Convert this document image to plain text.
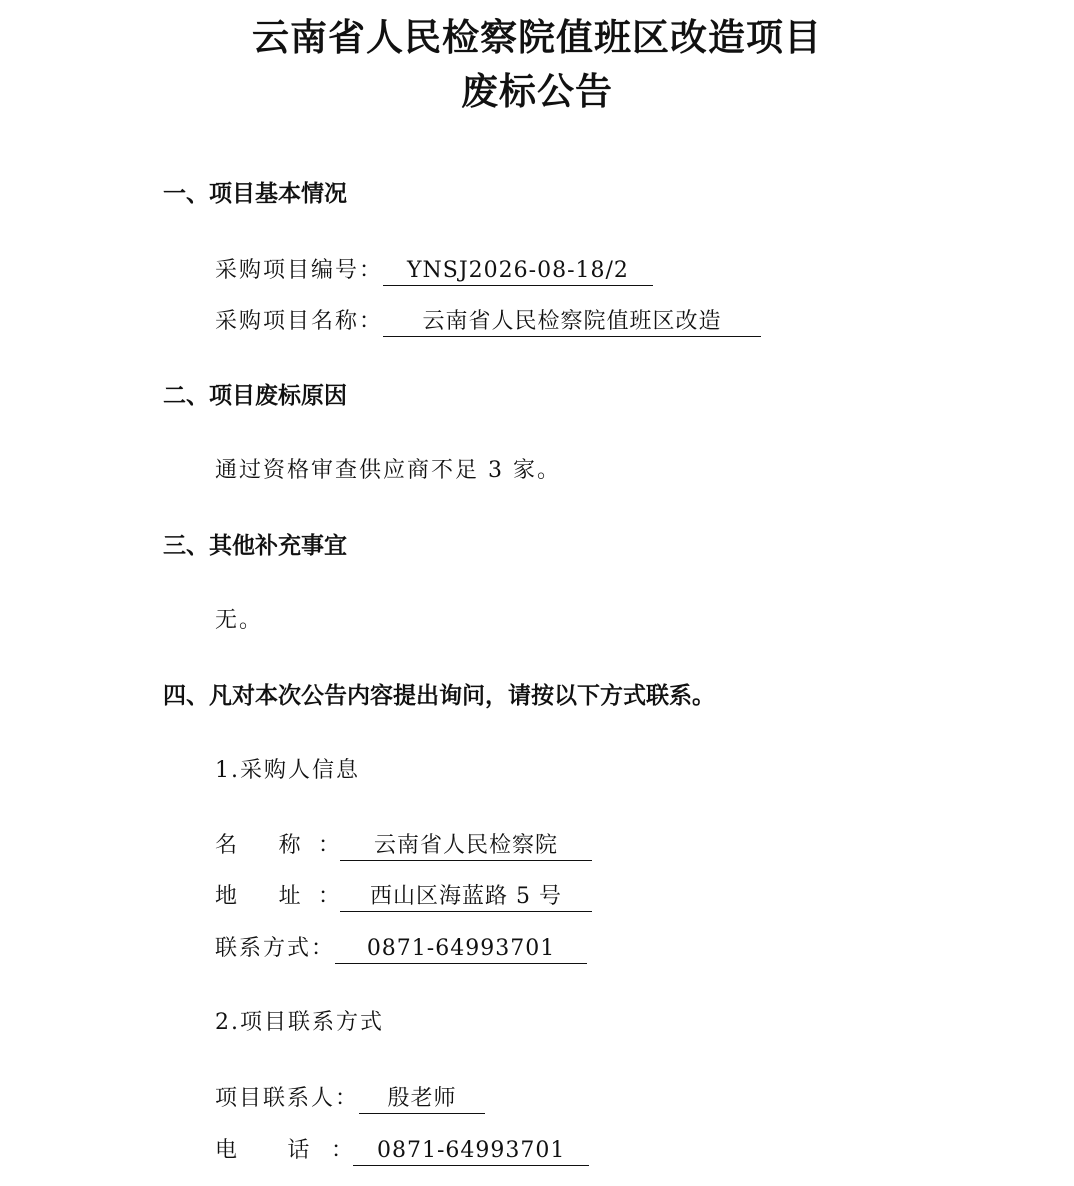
云南省人民检察院值班区改造项目
废标公告
一、项目基本情况
采购项目编号： YNSJ2026-08-18/2
采购项目名称： 云南省人民检察院值班区改造
二、项目废标原因
通过资格审查供应商不足 3 家。
三、其他补充事宜
无。
四、凡对本次公告内容提出询问，请按以下方式联系。
1.采购人信息
名 称： 云南省人民检察院
地 址： 西山区海蓝路 5 号
联系方式： 0871-64993701
2.项目联系方式
项目联系人： 殷老师
电 话： 0871-64993701
